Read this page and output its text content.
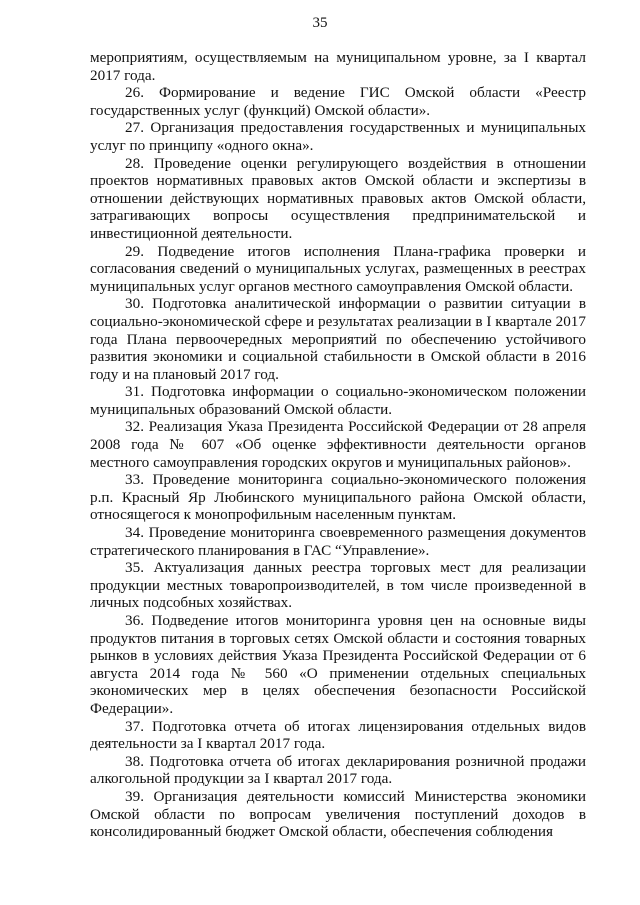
35

мероприятиям, осуществляемым на муниципальном уровне, за I квартал 2017 года.

26. Формирование и ведение ГИС Омской области «Реестр государственных услуг (функций) Омской области».

27. Организация предоставления государственных и муниципальных услуг по принципу «одного окна».

28. Проведение оценки регулирующего воздействия в отношении проектов нормативных правовых актов Омской области и экспертизы в отношении действующих нормативных правовых актов Омской области, затрагивающих вопросы осуществления предпринимательской и инвестиционной деятельности.

29. Подведение итогов исполнения Плана-графика проверки и согласования сведений о муниципальных услугах, размещенных в реестрах муниципальных услуг органов местного самоуправления Омской области.

30. Подготовка аналитической информации о развитии ситуации в социально-экономической сфере и результатах реализации в I квартале 2017 года Плана первоочередных мероприятий по обеспечению устойчивого развития экономики и социальной стабильности в Омской области в 2016 году и на плановый 2017 год.

31. Подготовка информации о социально-экономическом положении муниципальных образований Омской области.

32. Реализация Указа Президента Российской Федерации от 28 апреля 2008 года № 607 «Об оценке эффективности деятельности органов местного самоуправления городских округов и муниципальных районов».

33. Проведение мониторинга социально-экономического положения р.п. Красный Яр Любинского муниципального района Омской области, относящегося к монопрофильным населенным пунктам.

34. Проведение мониторинга своевременного размещения документов стратегического планирования в ГАС “Управление».

35. Актуализация данных реестра торговых мест для реализации продукции местных товаропроизводителей, в том числе произведенной в личных подсобных хозяйствах.

36. Подведение итогов мониторинга уровня цен на основные виды продуктов питания в торговых сетях Омской области и состояния товарных рынков в условиях действия Указа Президента Российской Федерации от 6 августа 2014 года № 560 «О применении отдельных специальных экономических мер в целях обеспечения безопасности Российской Федерации».

37. Подготовка отчета об итогах лицензирования отдельных видов деятельности за I квартал 2017 года.

38. Подготовка отчета об итогах декларирования розничной продажи алкогольной продукции за I квартал 2017 года.

39. Организация деятельности комиссий Министерства экономики Омской области по вопросам увеличения поступлений доходов в консолидированный бюджет Омской области, обеспечения соблюдения
